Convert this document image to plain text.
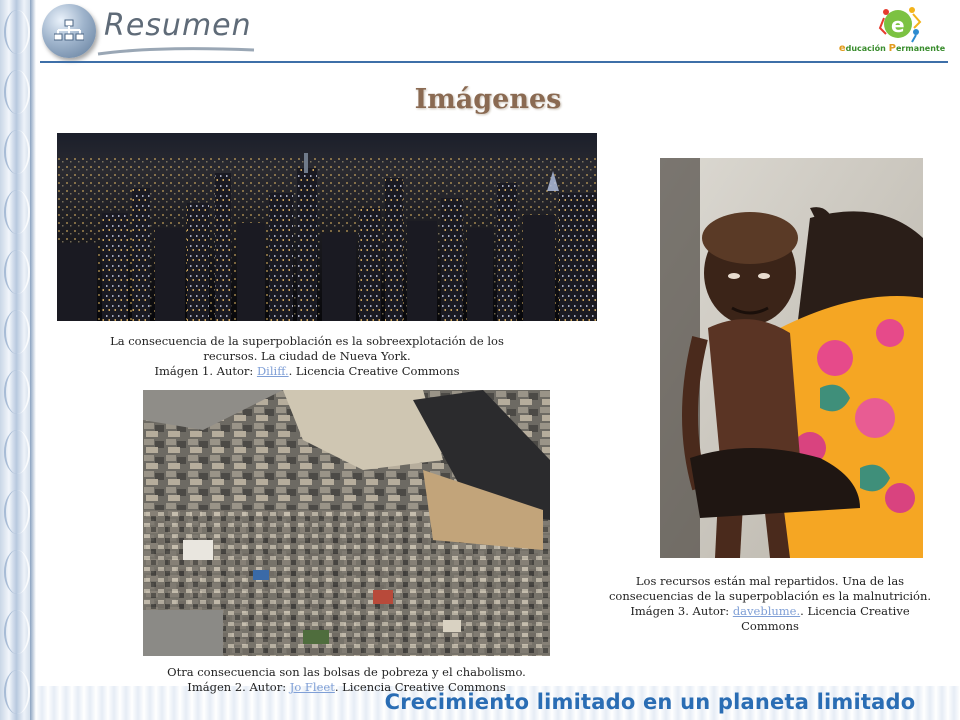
Resumen	e
educación Permanente
Imágenes
La consecuencia de la superpoblación es la sobreexplotación de los
recursos. La ciudad de Nueva York.
Imágen 1. Autor: Diliff.. Licencia Creative Commons
Otra consecuencia son las bolsas de pobreza y el chabolismo.
Imágen 2. Autor: Jo Fleet. Licencia Creative Commons
Los recursos están mal repartidos. Una de las
consecuencias de la superpoblación es la malnutrición.
Imágen 3. Autor: daveblume.. Licencia Creative
Commons
Crecimiento limitado en un planeta limitado
